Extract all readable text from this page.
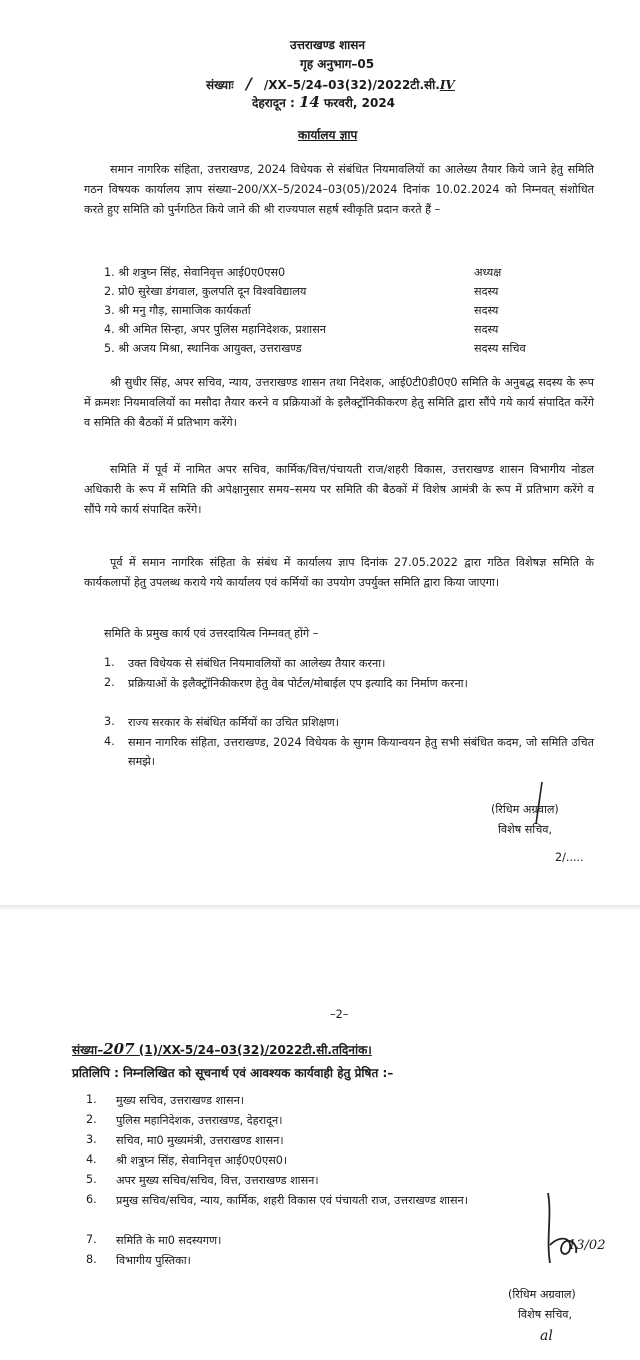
उत्तराखण्ड शासन
गृह अनुभाग–05
संख्याः / /XX–5/24–03(32)/2022टी.सी.IV
देहरादून : 14 फरवरी, 2024
कार्यालय ज्ञाप
समान नागरिक संहिता, उत्तराखण्ड, 2024 विधेयक से संबंधित नियमावलियों का आलेख्य तैयार किये जाने हेतु समिति गठन विषयक कार्यालय ज्ञाप संख्या–200/XX–5/2024–03(05)/2024 दिनांक 10.02.2024 को निम्नवत् संशोधित करते हुए समिति को पुर्नगठित किये जाने की श्री राज्यपाल सहर्ष स्वीकृति प्रदान करते हैं –
1. श्री शत्रुघ्न सिंह, सेवानिवृत्त आई0ए0एस0	अध्यक्ष
2. प्रो0 सुरेखा डंगवाल, कुलपति दून विश्वविद्यालय	सदस्य
3. श्री मनु गौड़, सामाजिक कार्यकर्ता	सदस्य
4. श्री अमित सिन्हा, अपर पुलिस महानिदेशक, प्रशासन	सदस्य
5. श्री अजय मिश्रा, स्थानिक आयुक्त, उत्तराखण्ड	सदस्य सचिव
श्री सुधीर सिंह, अपर सचिव, न्याय, उत्तराखण्ड शासन तथा निदेशक, आई0टी0डी0ए0 समिति के अनुबद्ध सदस्य के रूप में क्रमशः नियमावलियों का मसौदा तैयार करने व प्रक्रियाओं के इलैक्ट्रॉनिकीकरण हेतु समिति द्वारा सौंपे गये कार्य संपादित करेंगे व समिति की बैठकों में प्रतिभाग करेंगे।
समिति में पूर्व में नामित अपर सचिव, कार्मिक/वित्त/पंचायती राज/शहरी विकास, उत्तराखण्ड शासन विभागीय नोडल अधिकारी के रूप में समिति की अपेक्षानुसार समय–समय पर समिति की बैठकों में विशेष आमंत्री के रूप में प्रतिभाग करेंगे व सौंपे गये कार्य संपादित करेंगे।
पूर्व में समान नागरिक संहिता के संबंध में कार्यालय ज्ञाप दिनांक 27.05.2022 द्वारा गठित विशेषज्ञ समिति के कार्यकलापों हेतु उपलब्ध कराये गये कार्यालय एवं कर्मियों का उपयोग उपर्युक्त समिति द्वारा किया जाएगा।
समिति के प्रमुख कार्य एवं उत्तरदायित्व निम्नवत् होंगे –
1. उक्त विधेयक से संबंधित नियमावलियों का आलेख्य तैयार करना।
2. प्रक्रियाओं के इलैक्ट्रॉनिकीकरण हेतु वेब पोर्टल/मोबाईल एप इत्यादि का निर्माण करना।
3. राज्य सरकार के संबंधित कर्मियों का उचित प्रशिक्षण।
4. समान नागरिक संहिता, उत्तराखण्ड, 2024 विधेयक के सुगम कियान्वयन हेतु सभी संबंधित कदम, जो समिति उचित समझे।
(रिधिम अग्रवाल)
विशेष सचिव,
2/.....
–2–
संख्या–207 (1)/XX-5/24–03(32)/2022टी.सी.तदिनांक।
प्रतिलिपि : निम्नलिखित को सूचनार्थ एवं आवश्यक कार्यवाही हेतु प्रेषित :–
1. मुख्य सचिव, उत्तराखण्ड शासन।
2. पुलिस महानिदेशक, उत्तराखण्ड, देहरादून।
3. सचिव, मा0 मुख्यमंत्री, उत्तराखण्ड शासन।
4. श्री शत्रुघ्न सिंह, सेवानिवृत्त आई0ए0एस0।
5. अपर मुख्य सचिव/सचिव, वित्त, उत्तराखण्ड शासन।
6. प्रमुख सचिव/सचिव, न्याय, कार्मिक, शहरी विकास एवं पंचायती राज, उत्तराखण्ड शासन।
7. समिति के मा0 सदस्यगण।
8. विभागीय पुस्तिका।
13/02
(रिधिम अग्रवाल)
विशेष सचिव,
al
